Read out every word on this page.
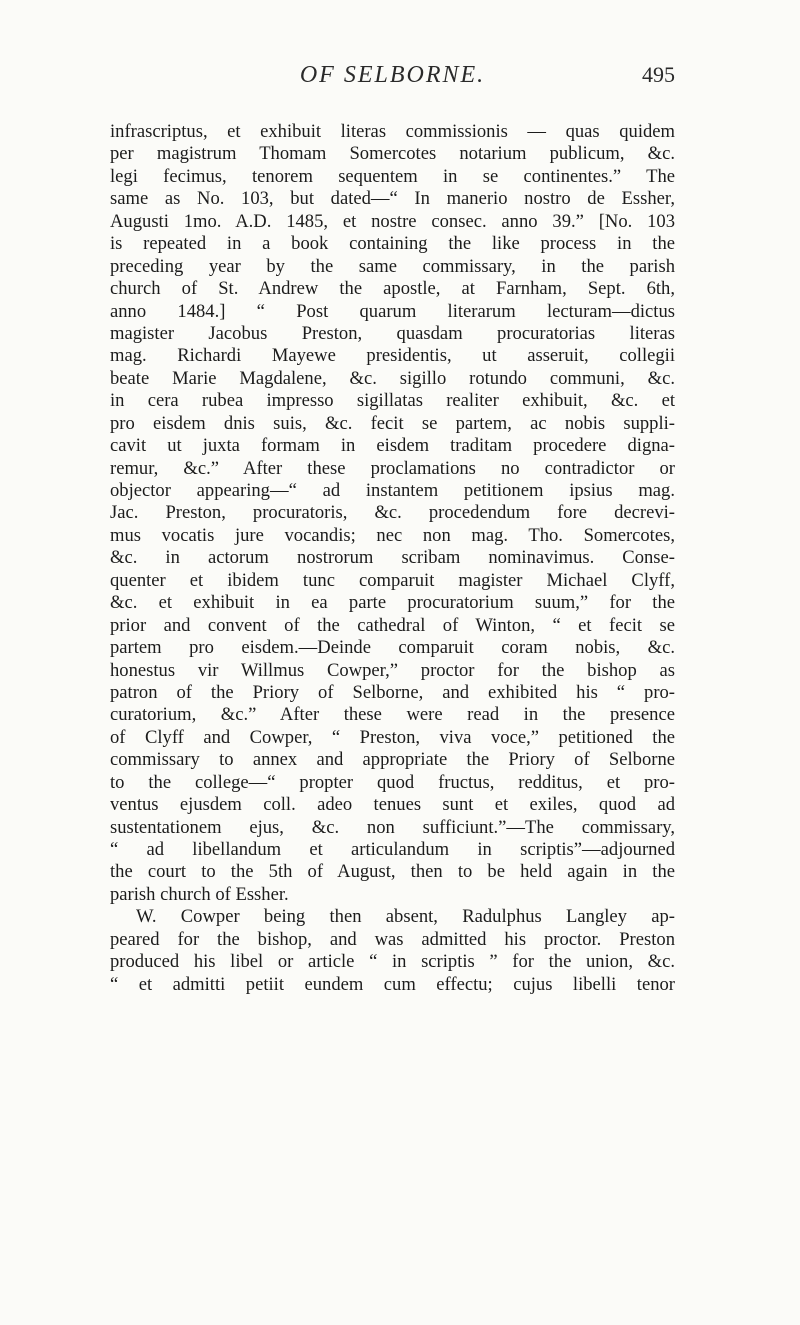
OF SELBORNE.	495
infrascriptus, et exhibuit literas commissionis — quas quidem
per magistrum Thomam Somercotes notarium publicum, &c.
legi fecimus, tenorem sequentem in se continentes.” The
same as No. 103, but dated—“ In manerio nostro de Essher,
Augusti 1mo. A.D. 1485, et nostre consec. anno 39.” [No. 103
is repeated in a book containing the like process in the
preceding year by the same commissary, in the parish
church of St. Andrew the apostle, at Farnham, Sept. 6th,
anno 1484.] “ Post quarum literarum lecturam—dictus
magister Jacobus Preston, quasdam procuratorias literas
mag. Richardi Mayewe presidentis, ut asseruit, collegii
beate Marie Magdalene, &c. sigillo rotundo communi, &c.
in cera rubea impresso sigillatas realiter exhibuit, &c. et
pro eisdem dnis suis, &c. fecit se partem, ac nobis suppli-
cavit ut juxta formam in eisdem traditam procedere digna-
remur, &c.” After these proclamations no contradictor or
objector appearing—“ ad instantem petitionem ipsius mag.
Jac. Preston, procuratoris, &c. procedendum fore decrevi-
mus vocatis jure vocandis; nec non mag. Tho. Somercotes,
&c. in actorum nostrorum scribam nominavimus. Conse-
quenter et ibidem tunc comparuit magister Michael Clyff,
&c. et exhibuit in ea parte procuratorium suum,” for the
prior and convent of the cathedral of Winton, “ et fecit se
partem pro eisdem.—Deinde comparuit coram nobis, &c.
honestus vir Willmus Cowper,” proctor for the bishop as
patron of the Priory of Selborne, and exhibited his “ pro-
curatorium, &c.” After these were read in the presence
of Clyff and Cowper, “ Preston, viva voce,” petitioned the
commissary to annex and appropriate the Priory of Selborne
to the college—“ propter quod fructus, redditus, et pro-
ventus ejusdem coll. adeo tenues sunt et exiles, quod ad
sustentationem ejus, &c. non sufficiunt.”—The commissary,
“ ad libellandum et articulandum in scriptis”—adjourned
the court to the 5th of August, then to be held again in the
parish church of Essher.
W. Cowper being then absent, Radulphus Langley ap-
peared for the bishop, and was admitted his proctor. Preston
produced his libel or article “ in scriptis ” for the union, &c.
“ et admitti petiit eundem cum effectu; cujus libelli tenor
